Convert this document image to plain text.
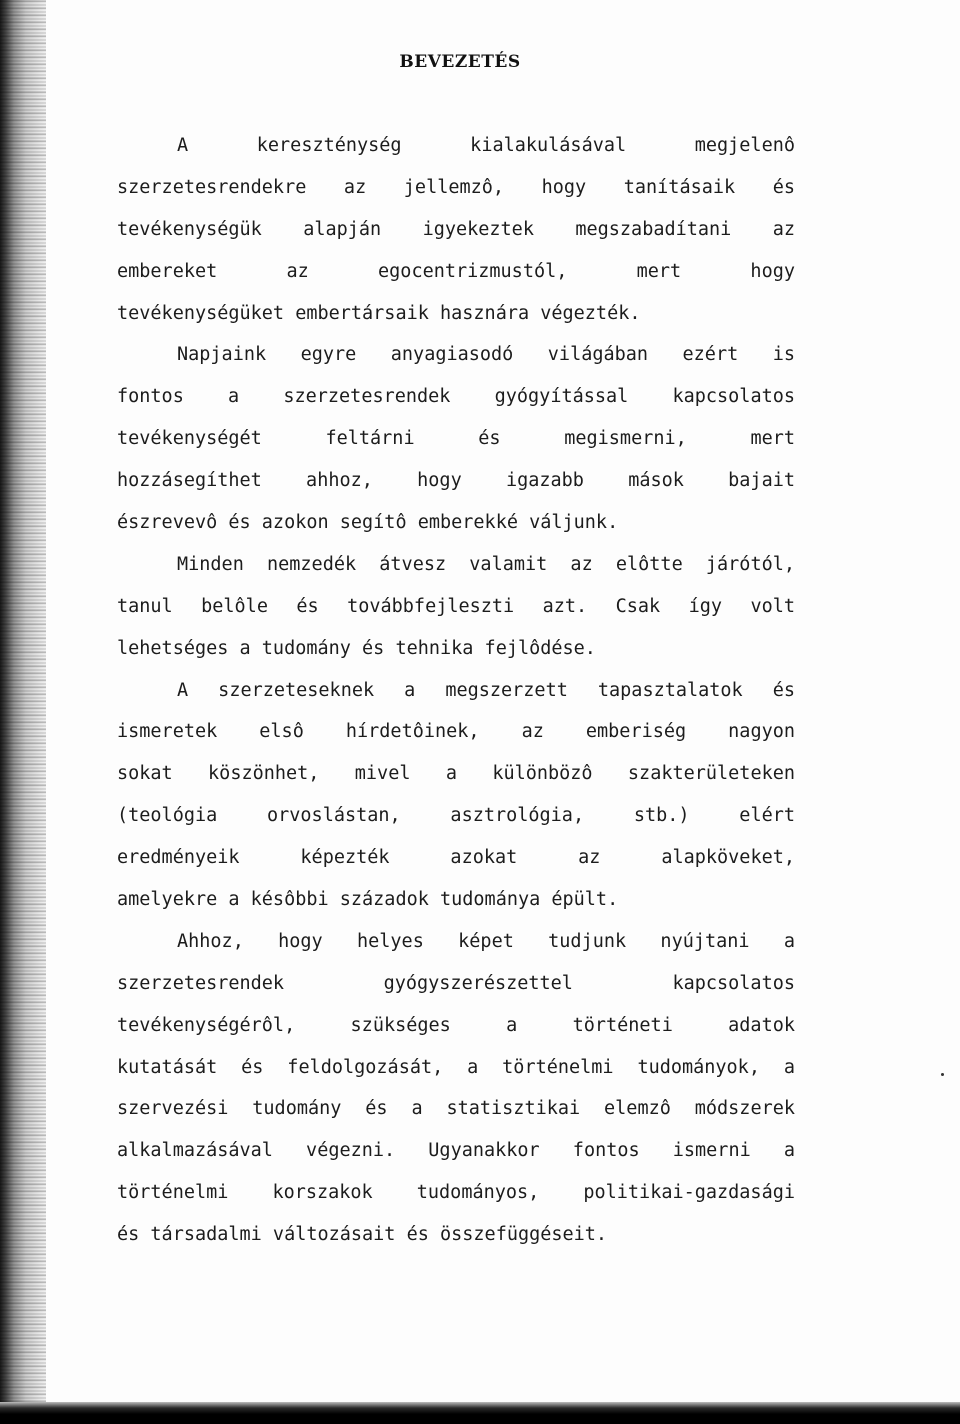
BEVEZETÉS
A kereszténység kialakulásával megjelenô
szerzetesrendekre az jellemzô, hogy tanításaik és
tevékenységük alapján igyekeztek megszabadítani az
embereket az egocentrizmustól, mert hogy
tevékenységüket embertársaik hasznára végezték.
Napjaink egyre anyagiasodó világában ezért is
fontos a szerzetesrendek gyógyítással kapcsolatos
tevékenységét feltárni és megismerni, mert
hozzásegíthet ahhoz, hogy igazabb mások bajait
észrevevô és azokon segítô emberekké váljunk.
Minden nemzedék átvesz valamit az elôtte járótól,
tanul belôle és továbbfejleszti azt. Csak így volt
lehetséges a tudomány és tehnika fejlôdése.
A szerzeteseknek a megszerzett tapasztalatok és
ismeretek elsô hírdetôinek, az emberiség nagyon
sokat köszönhet, mivel a különbözô szakterületeken
(teológia orvoslástan, asztrológia, stb.) elért
eredményeik képezték azokat az alapköveket,
amelyekre a késôbbi századok tudománya épült.
Ahhoz, hogy helyes képet tudjunk nyújtani a
szerzetesrendek gyógyszerészettel kapcsolatos
tevékenységérôl, szükséges a történeti adatok
kutatását és feldolgozását, a történelmi tudományok, a
szervezési tudomány és a statisztikai elemzô módszerek
alkalmazásával végezni. Ugyanakkor fontos ismerni a
történelmi korszakok tudományos, politikai-gazdasági
és társadalmi változásait és összefüggéseit.
